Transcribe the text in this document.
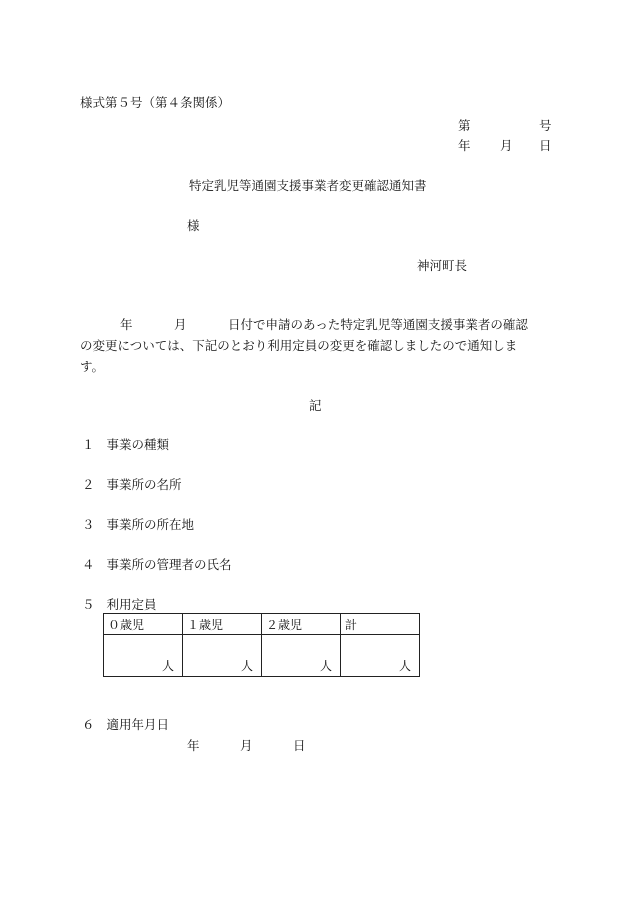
様式第５号（第４条関係）
第	号
年 月 日
特定乳児等通園支援事業者変更確認通知書
様
神河町長
年	月	日付で申請のあった特定乳児等通園支援事業者の確認
の変更については、下記のとおり利用定員の変更を確認しましたので通知しま
す。
記
１ 事業の種類
２ 事業所の名所
３ 事業所の所在地
４ 事業所の管理者の氏名
５ 利用定員
０歳児	１歳児	２歳児	計
人	人	人	人
６ 適用年月日
年	月	日
